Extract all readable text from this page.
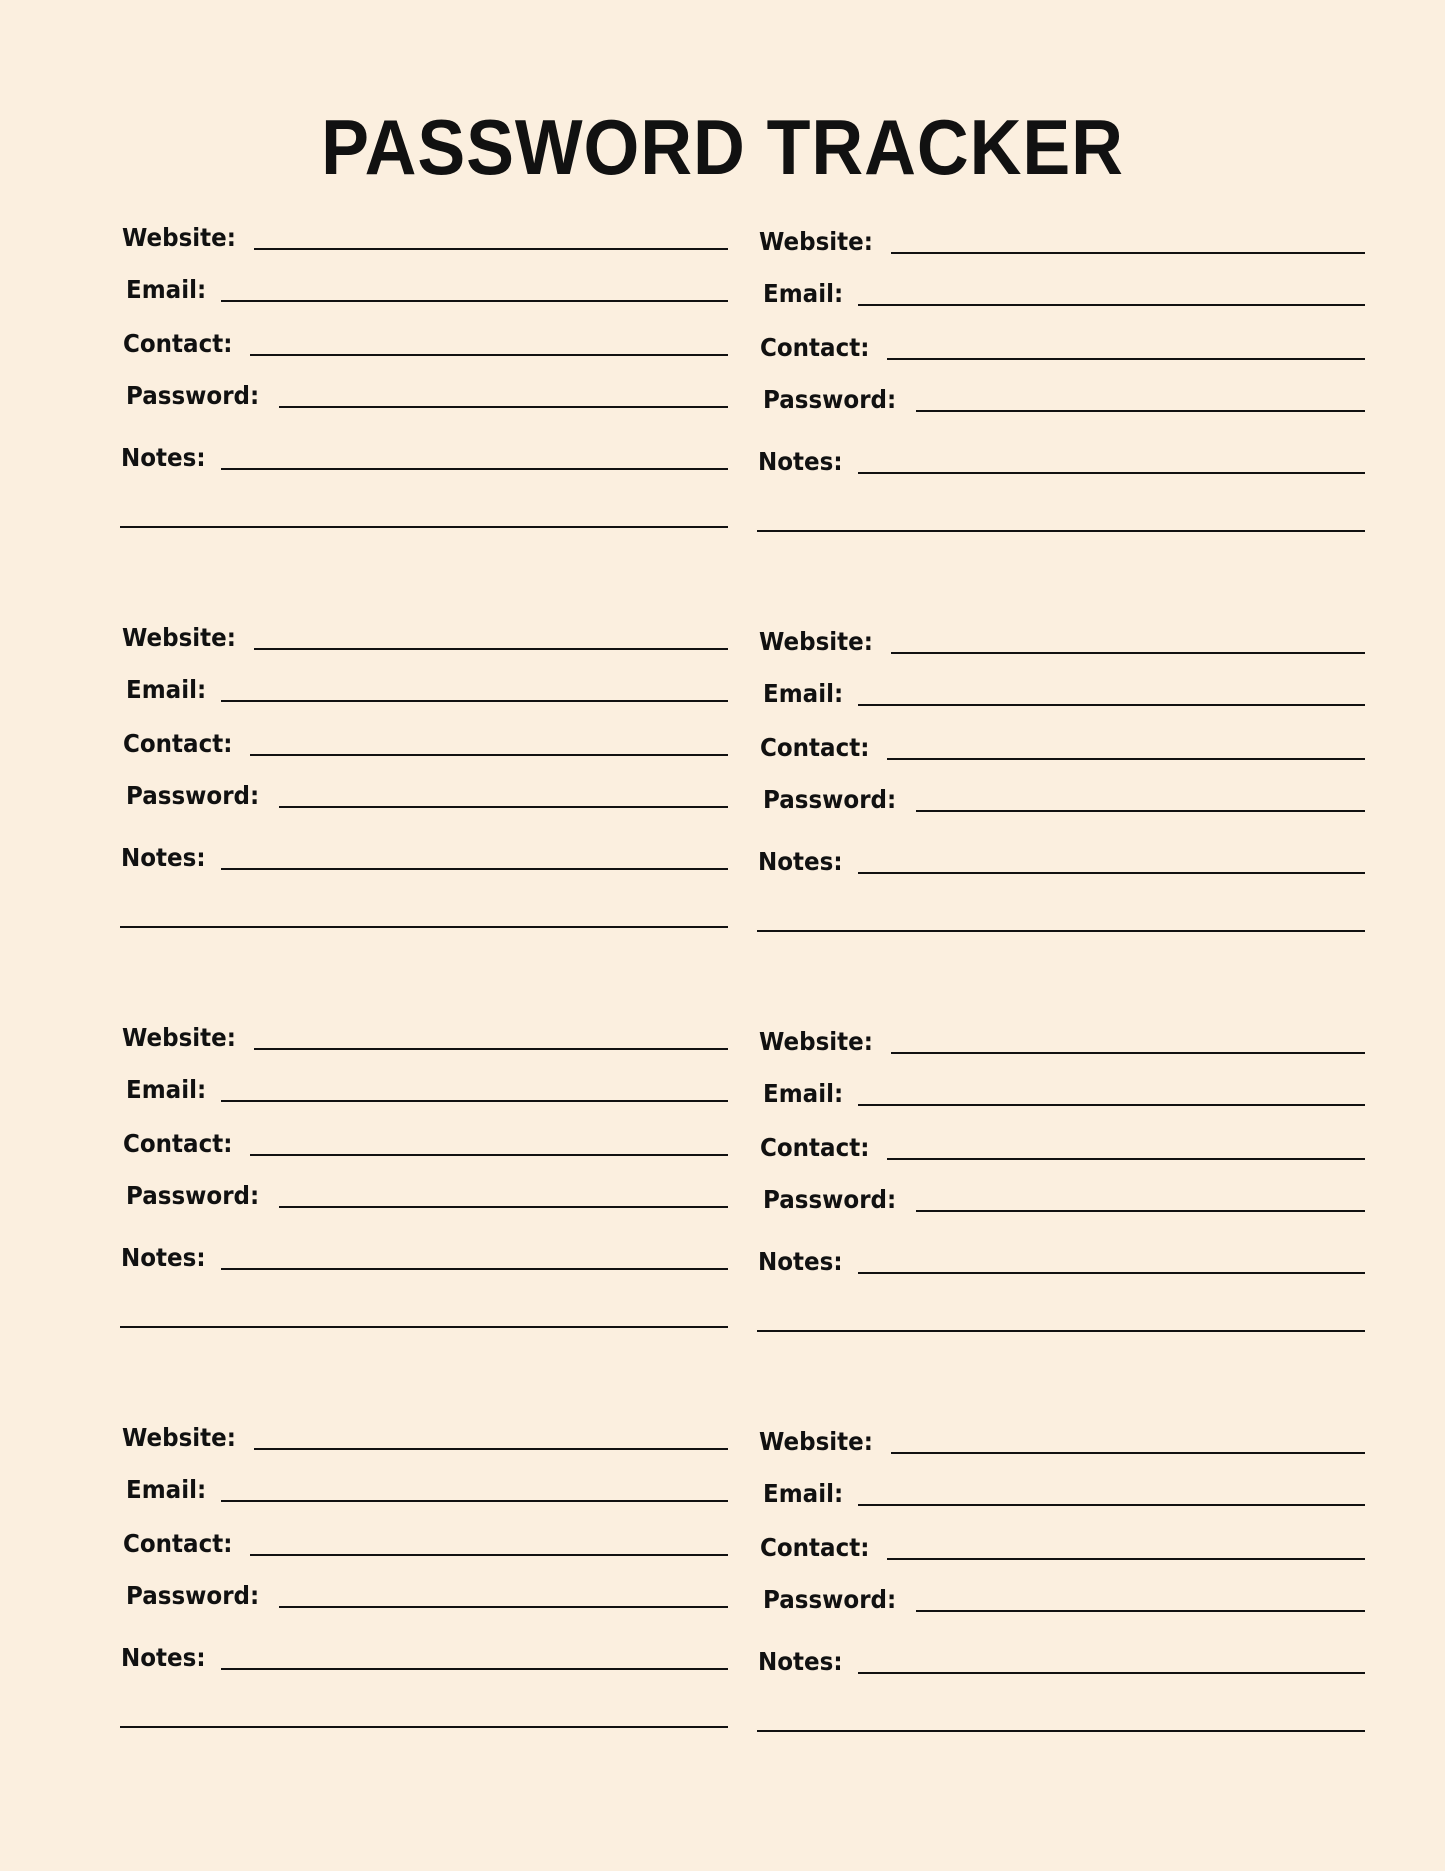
PASSWORD TRACKER
Website:
Email:
Contact:
Password:
Notes:
Website:
Email:
Contact:
Password:
Notes:
Website:
Email:
Contact:
Password:
Notes:
Website:
Email:
Contact:
Password:
Notes:
Website:
Email:
Contact:
Password:
Notes:
Website:
Email:
Contact:
Password:
Notes:
Website:
Email:
Contact:
Password:
Notes:
Website:
Email:
Contact:
Password:
Notes:
